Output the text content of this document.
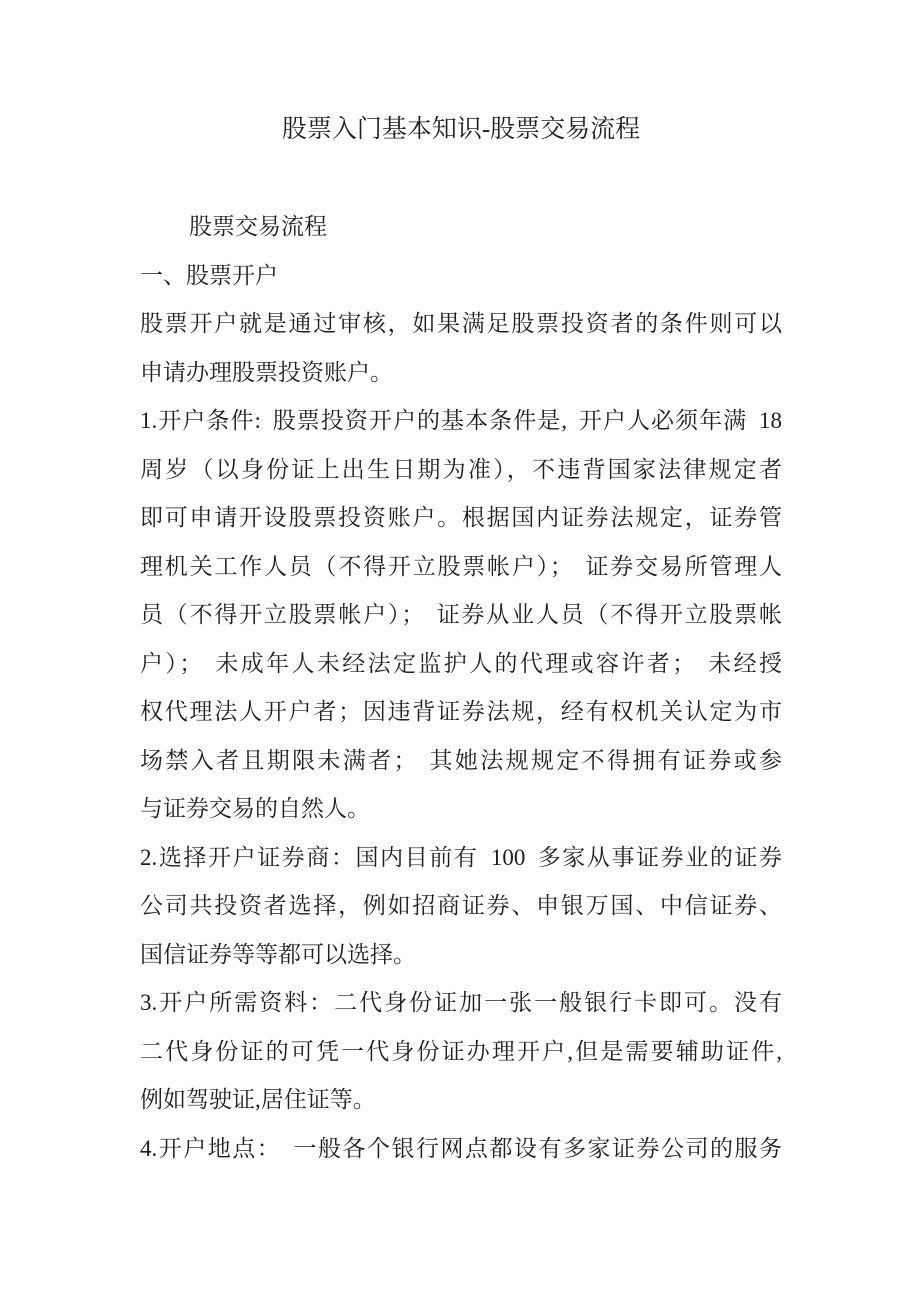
股票入门基本知识-股票交易流程
股票交易流程
一、股票开户
股票开户就是通过审核，如果满足股票投资者的条件则可以
申请办理股票投资账户。
1.开户条件: 股票投资开户的基本条件是, 开户人必须年满 18
周岁（以身份证上出生日期为准），不违背国家法律规定者
即可申请开设股票投资账户。根据国内证券法规定，证券管
理机关工作人员（不得开立股票帐户）； 证券交易所管理人
员（不得开立股票帐户）； 证券从业人员（不得开立股票帐
户）； 未成年人未经法定监护人的代理或容许者； 未经授
权代理法人开户者；因违背证券法规，经有权机关认定为市
场禁入者且期限未满者； 其她法规规定不得拥有证券或参
与证券交易的自然人。
2.选择开户证券商：国内目前有 100 多家从事证券业的证券
公司共投资者选择，例如招商证券、申银万国、中信证券、
国信证券等等都可以选择。
3.开户所需资料：二代身份证加一张一般银行卡即可。没有
二代身份证的可凭一代身份证办理开户,但是需要辅助证件,
例如驾驶证,居住证等。
4.开户地点： 一般各个银行网点都设有多家证券公司的服务
